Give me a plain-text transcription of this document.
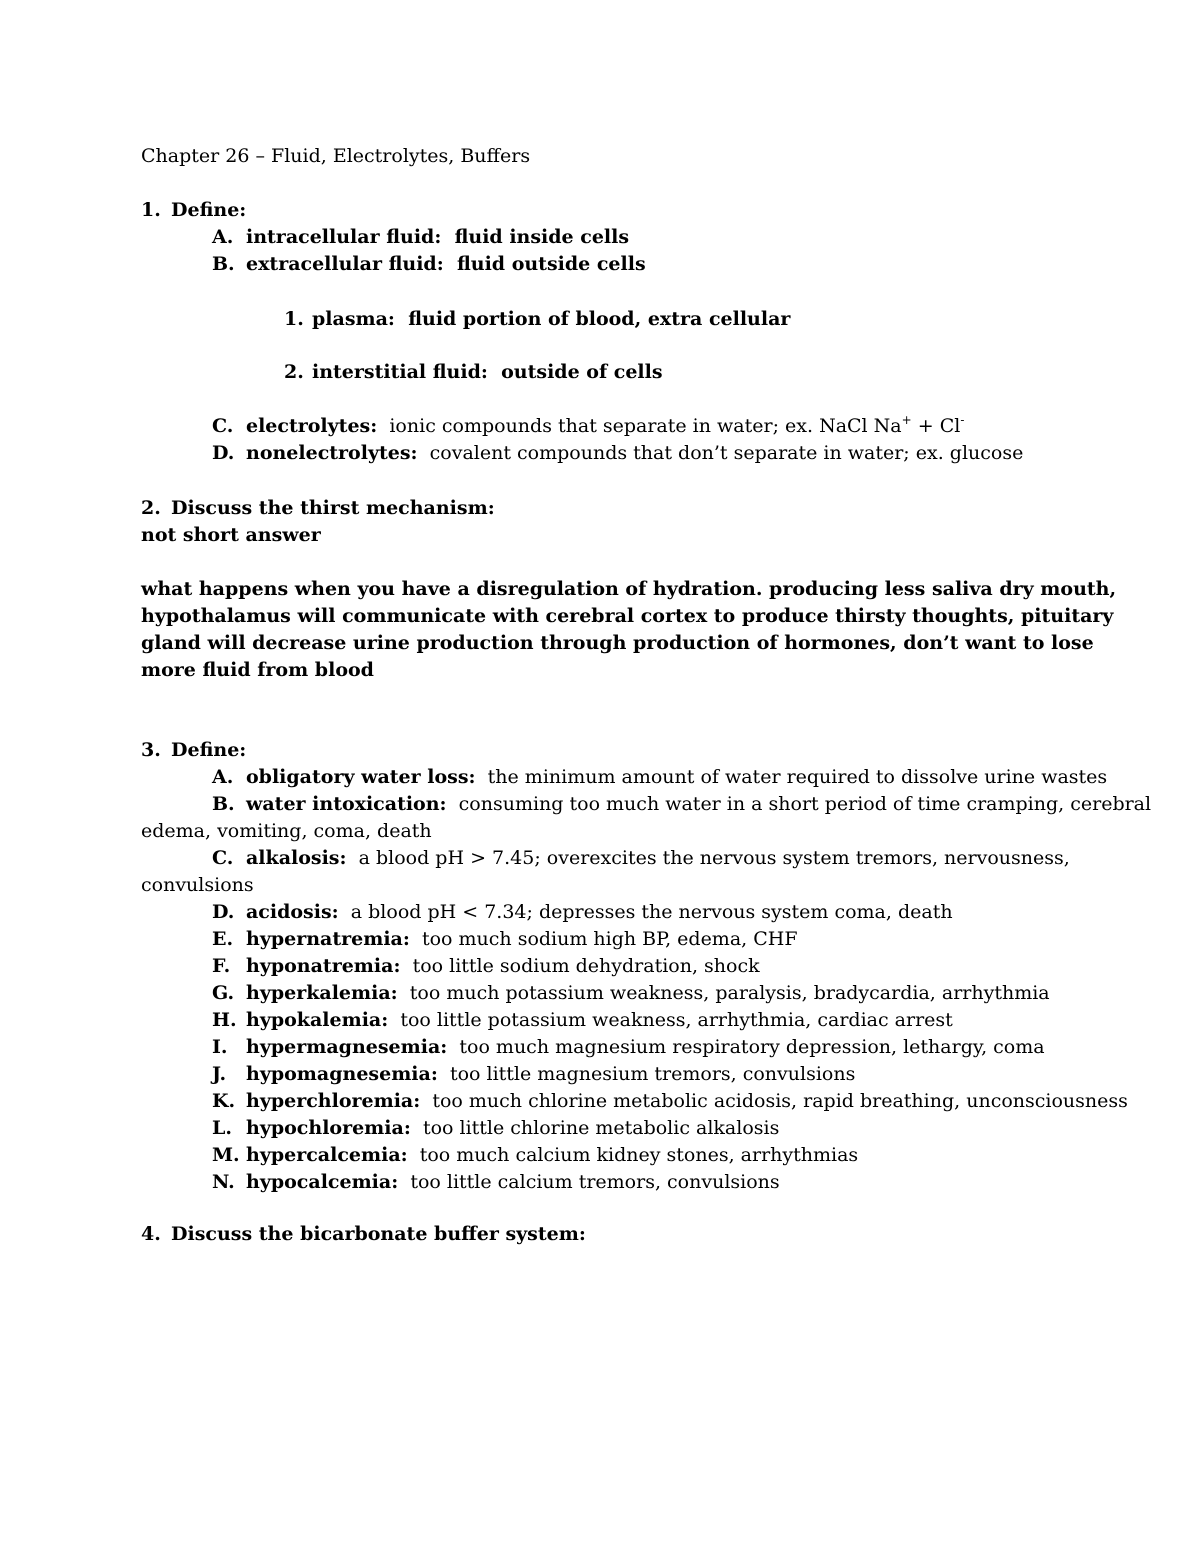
Chapter 26 – Fluid, Electrolytes, Buffers
1. Define:
A. intracellular fluid: fluid inside cells
B. extracellular fluid: fluid outside cells
1. plasma: fluid portion of blood, extra cellular
2. interstitial fluid: outside of cells
C. electrolytes: ionic compounds that separate in water; ex. NaCl Na+ + Cl-
D. nonelectrolytes: covalent compounds that don’t separate in water; ex. glucose
2. Discuss the thirst mechanism:
not short answer
what happens when you have a disregulation of hydration. producing less saliva dry mouth, hypothalamus will communicate with cerebral cortex to produce thirsty thoughts, pituitary gland will decrease urine production through production of hormones, don’t want to lose more fluid from blood
3. Define:
A. obligatory water loss: the minimum amount of water required to dissolve urine wastes
B. water intoxication: consuming too much water in a short period of time cramping, cerebral
edema, vomiting, coma, death
C. alkalosis: a blood pH > 7.45; overexcites the nervous system tremors, nervousness,
convulsions
D. acidosis: a blood pH < 7.34; depresses the nervous system coma, death
E. hypernatremia: too much sodium high BP, edema, CHF
F. hyponatremia: too little sodium dehydration, shock
G. hyperkalemia: too much potassium weakness, paralysis, bradycardia, arrhythmia
H. hypokalemia: too little potassium weakness, arrhythmia, cardiac arrest
I. hypermagnesemia: too much magnesium respiratory depression, lethargy, coma
J. hypomagnesemia: too little magnesium tremors, convulsions
K. hyperchloremia: too much chlorine metabolic acidosis, rapid breathing, unconsciousness
L. hypochloremia: too little chlorine metabolic alkalosis
M. hypercalcemia: too much calcium kidney stones, arrhythmias
N. hypocalcemia: too little calcium tremors, convulsions
4. Discuss the bicarbonate buffer system:
